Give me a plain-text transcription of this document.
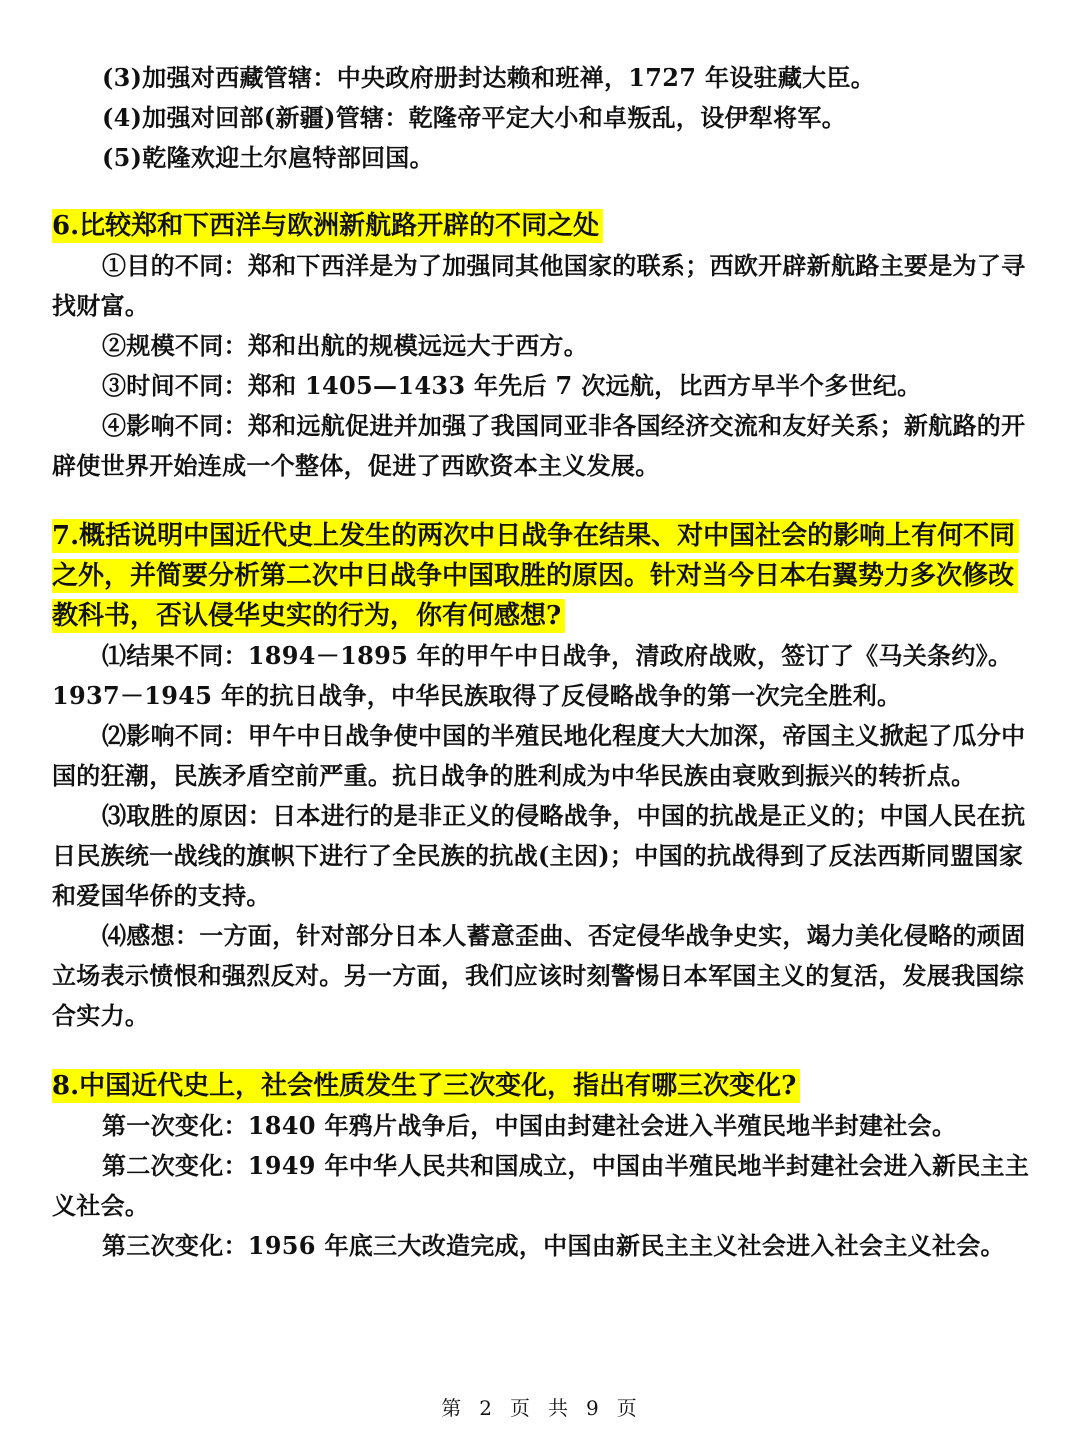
(3)加强对西藏管辖：中央政府册封达赖和班禅，1727 年设驻藏大臣。

(4)加强对回部(新疆)管辖：乾隆帝平定大小和卓叛乱，设伊犁将军。

(5)乾隆欢迎土尔扈特部回国。

6.比较郑和下西洋与欧洲新航路开辟的不同之处

①目的不同：郑和下西洋是为了加强同其他国家的联系；西欧开辟新航路主要是为了寻找财富。

②规模不同：郑和出航的规模远远大于西方。

③时间不同：郑和 1405—1433 年先后 7 次远航，比西方早半个多世纪。

④影响不同：郑和远航促进并加强了我国同亚非各国经济交流和友好关系；新航路的开辟使世界开始连成一个整体，促进了西欧资本主义发展。

7.概括说明中国近代史上发生的两次中日战争在结果、对中国社会的影响上有何不同之外，并简要分析第二次中日战争中国取胜的原因。针对当今日本右翼势力多次修改教科书，否认侵华史实的行为，你有何感想?

⑴结果不同：1894－1895 年的甲午中日战争，清政府战败，签订了《马关条约》。1937－1945 年的抗日战争，中华民族取得了反侵略战争的第一次完全胜利。

⑵影响不同：甲午中日战争使中国的半殖民地化程度大大加深，帝国主义掀起了瓜分中国的狂潮，民族矛盾空前严重。抗日战争的胜利成为中华民族由衰败到振兴的转折点。

⑶取胜的原因：日本进行的是非正义的侵略战争，中国的抗战是正义的；中国人民在抗日民族统一战线的旗帜下进行了全民族的抗战(主因)；中国的抗战得到了反法西斯同盟国家和爱国华侨的支持。

⑷感想：一方面，针对部分日本人蓄意歪曲、否定侵华战争史实，竭力美化侵略的顽固立场表示愤恨和强烈反对。另一方面，我们应该时刻警惕日本军国主义的复活，发展我国综合实力。

8.中国近代史上，社会性质发生了三次变化，指出有哪三次变化?

第一次变化：1840 年鸦片战争后，中国由封建社会进入半殖民地半封建社会。

第二次变化：1949 年中华人民共和国成立，中国由半殖民地半封建社会进入新民主主义社会。

第三次变化：1956 年底三大改造完成，中国由新民主主义社会进入社会主义社会。

第 2 页 共 9 页
